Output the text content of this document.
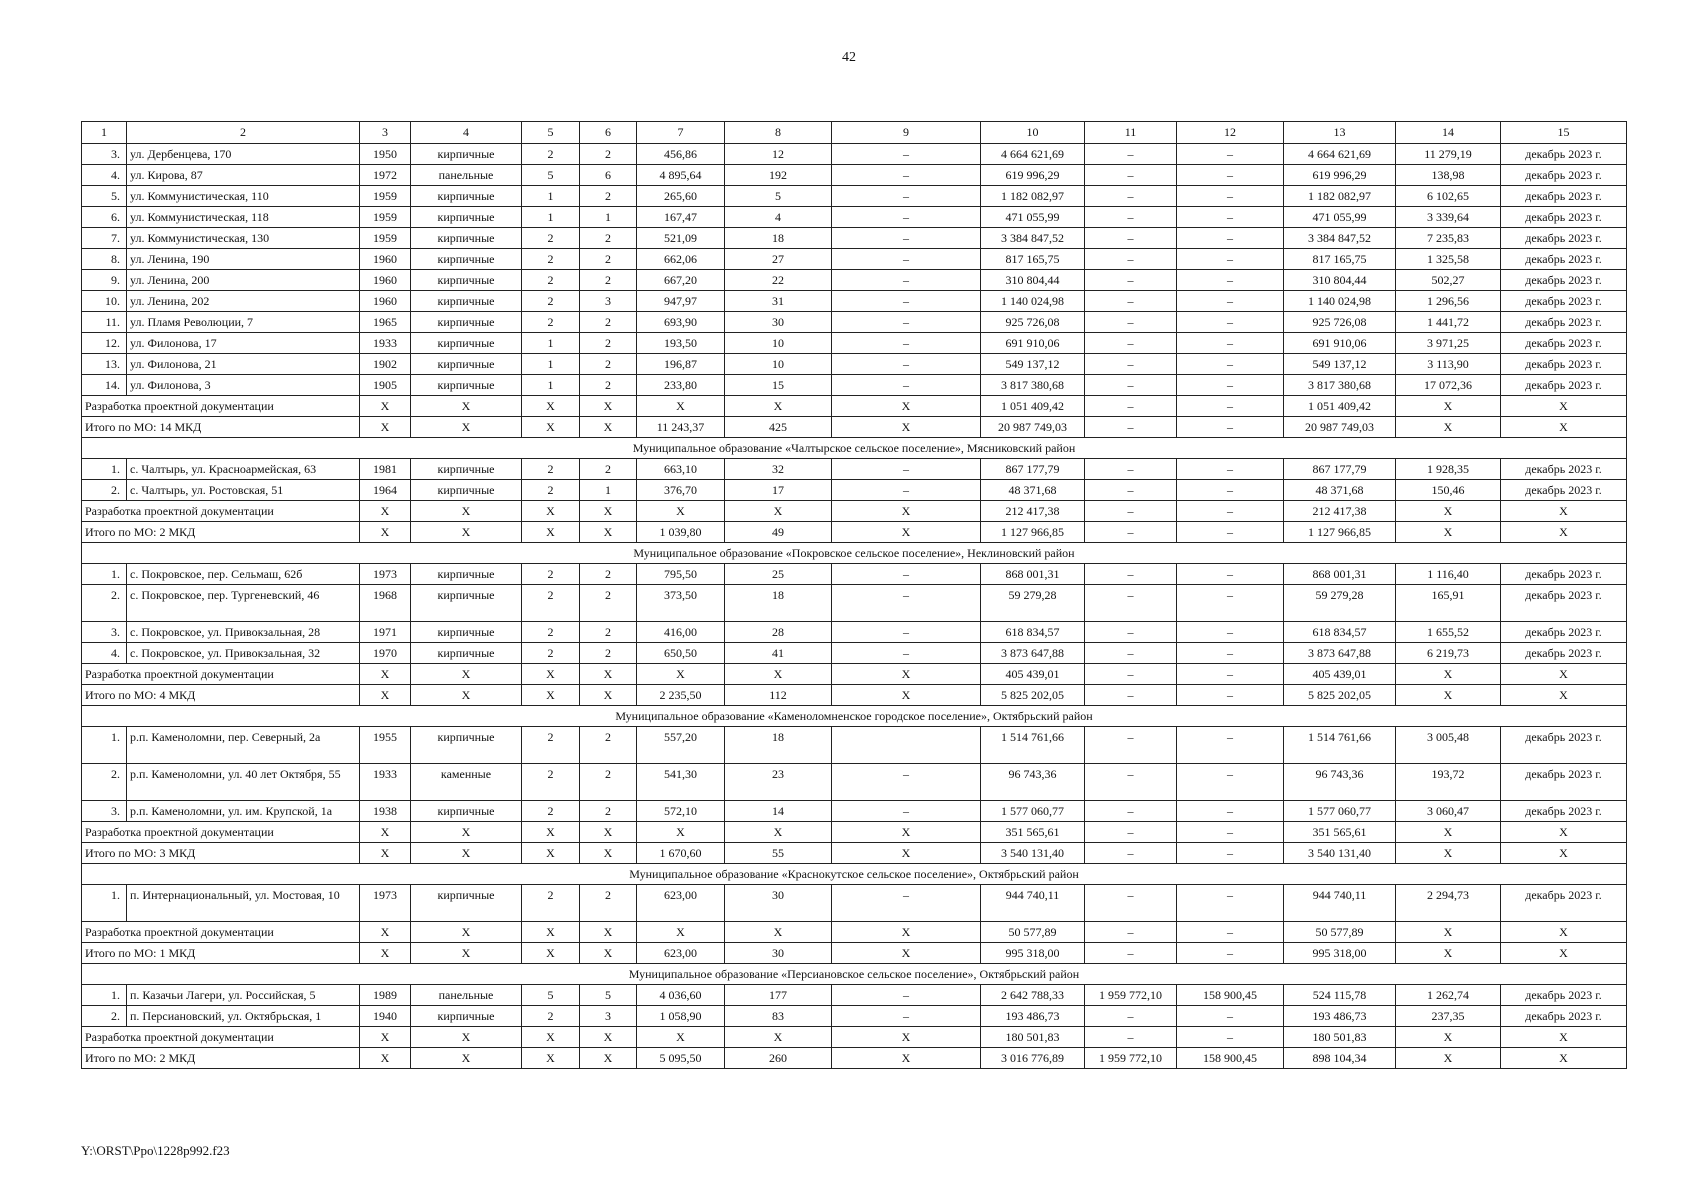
42
1	2	3	4	5	6	7	8	9	10	11	12	13	14	15
3.	ул. Дербенцева, 170	1950	кирпичные	2	2	456,86	12	–	4 664 621,69	–	–	4 664 621,69	11 279,19	декабрь 2023 г.
4.	ул. Кирова, 87	1972	панельные	5	6	4 895,64	192	–	619 996,29	–	–	619 996,29	138,98	декабрь 2023 г.
5.	ул. Коммунистическая, 110	1959	кирпичные	1	2	265,60	5	–	1 182 082,97	–	–	1 182 082,97	6 102,65	декабрь 2023 г.
6.	ул. Коммунистическая, 118	1959	кирпичные	1	1	167,47	4	–	471 055,99	–	–	471 055,99	3 339,64	декабрь 2023 г.
7.	ул. Коммунистическая, 130	1959	кирпичные	2	2	521,09	18	–	3 384 847,52	–	–	3 384 847,52	7 235,83	декабрь 2023 г.
8.	ул. Ленина, 190	1960	кирпичные	2	2	662,06	27	–	817 165,75	–	–	817 165,75	1 325,58	декабрь 2023 г.
9.	ул. Ленина, 200	1960	кирпичные	2	2	667,20	22	–	310 804,44	–	–	310 804,44	502,27	декабрь 2023 г.
10.	ул. Ленина, 202	1960	кирпичные	2	3	947,97	31	–	1 140 024,98	–	–	1 140 024,98	1 296,56	декабрь 2023 г.
11.	ул. Пламя Революции, 7	1965	кирпичные	2	2	693,90	30	–	925 726,08	–	–	925 726,08	1 441,72	декабрь 2023 г.
12.	ул. Филонова, 17	1933	кирпичные	1	2	193,50	10	–	691 910,06	–	–	691 910,06	3 971,25	декабрь 2023 г.
13.	ул. Филонова, 21	1902	кирпичные	1	2	196,87	10	–	549 137,12	–	–	549 137,12	3 113,90	декабрь 2023 г.
14.	ул. Филонова, 3	1905	кирпичные	1	2	233,80	15	–	3 817 380,68	–	–	3 817 380,68	17 072,36	декабрь 2023 г.
Разработка проектной документации		X	X	X	X	X	X	X	1 051 409,42	–	–	1 051 409,42	X	X
Итого по МО: 14 МКД		X	X	X	X	11 243,37	425	X	20 987 749,03	–	–	20 987 749,03	X	X
Муниципальное образование «Чалтырское сельское поселение», Мясниковский район														
1.	с. Чалтырь, ул. Красноармейская, 63	1981	кирпичные	2	2	663,10	32	–	867 177,79	–	–	867 177,79	1 928,35	декабрь 2023 г.
2.	с. Чалтырь, ул. Ростовская, 51	1964	кирпичные	2	1	376,70	17	–	48 371,68	–	–	48 371,68	150,46	декабрь 2023 г.
Разработка проектной документации		X	X	X	X	X	X	X	212 417,38	–	–	212 417,38	X	X
Итого по МО: 2 МКД		X	X	X	X	1 039,80	49	X	1 127 966,85	–	–	1 127 966,85	X	X
Муниципальное образование «Покровское сельское поселение», Неклиновский район														
1.	с. Покровское, пер. Сельмаш, 62б	1973	кирпичные	2	2	795,50	25	–	868 001,31	–	–	868 001,31	1 116,40	декабрь 2023 г.
2.	с. Покровское, пер. Тургеневский, 46	1968	кирпичные	2	2	373,50	18	–	59 279,28	–	–	59 279,28	165,91	декабрь 2023 г.
3.	с. Покровское, ул. Привокзальная, 28	1971	кирпичные	2	2	416,00	28	–	618 834,57	–	–	618 834,57	1 655,52	декабрь 2023 г.
4.	с. Покровское, ул. Привокзальная, 32	1970	кирпичные	2	2	650,50	41	–	3 873 647,88	–	–	3 873 647,88	6 219,73	декабрь 2023 г.
Разработка проектной документации		X	X	X	X	X	X	X	405 439,01	–	–	405 439,01	X	X
Итого по МО: 4 МКД		X	X	X	X	2 235,50	112	X	5 825 202,05	–	–	5 825 202,05	X	X
Муниципальное образование «Каменоломненское городское поселение», Октябрьский район														
1.	р.п. Каменоломни, пер. Северный, 2а	1955	кирпичные	2	2	557,20	18		1 514 761,66	–	–	1 514 761,66	3 005,48	декабрь 2023 г.
2.	р.п. Каменоломни, ул. 40 лет Октября, 55	1933	каменные	2	2	541,30	23	–	96 743,36	–	–	96 743,36	193,72	декабрь 2023 г.
3.	р.п. Каменоломни, ул. им. Крупской, 1а	1938	кирпичные	2	2	572,10	14	–	1 577 060,77	–	–	1 577 060,77	3 060,47	декабрь 2023 г.
Разработка проектной документации		X	X	X	X	X	X	X	351 565,61	–	–	351 565,61	X	X
Итого по МО: 3 МКД		X	X	X	X	1 670,60	55	X	3 540 131,40	–	–	3 540 131,40	X	X
Муниципальное образование «Краснокутское сельское поселение», Октябрьский район														
1.	п. Интернациональный, ул. Мостовая, 10	1973	кирпичные	2	2	623,00	30	–	944 740,11	–	–	944 740,11	2 294,73	декабрь 2023 г.
Разработка проектной документации		X	X	X	X	X	X	X	50 577,89	–	–	50 577,89	X	X
Итого по МО: 1 МКД		X	X	X	X	623,00	30	X	995 318,00	–	–	995 318,00	X	X
Муниципальное образование «Персиановское сельское поселение», Октябрьский район														
1.	п. Казачьи Лагери, ул. Российская, 5	1989	панельные	5	5	4 036,60	177	–	2 642 788,33	1 959 772,10	158 900,45	524 115,78	1 262,74	декабрь 2023 г.
2.	п. Персиановский, ул. Октябрьская, 1	1940	кирпичные	2	3	1 058,90	83	–	193 486,73	–	–	193 486,73	237,35	декабрь 2023 г.
Разработка проектной документации		X	X	X	X	X	X	X	180 501,83	–	–	180 501,83	X	X
Итого по МО: 2 МКД		X	X	X	X	5 095,50	260	X	3 016 776,89	1 959 772,10	158 900,45	898 104,34	X	X
Y:\ORST\Ppo\1228p992.f23
